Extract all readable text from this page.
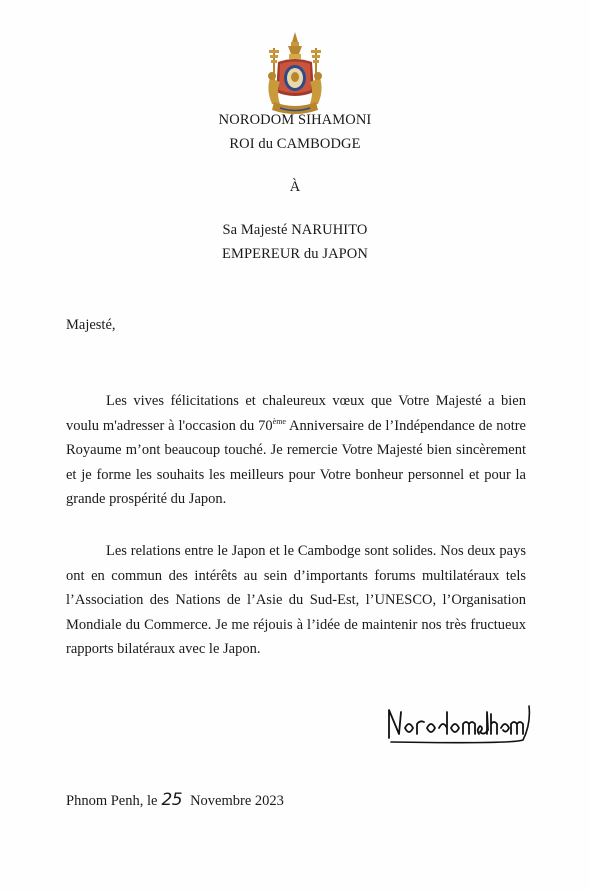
NORODOM SIHAMONI
ROI du CAMBODGE
À
Sa Majesté NARUHITO
EMPEREUR du JAPON
Majesté,
Les vives félicitations et chaleureux vœux que Votre Majesté a bien voulu m'adresser à l'occasion du 70ème Anniversaire de l’Indépendance de notre Royaume m’ont beaucoup touché. Je remercie Votre Majesté bien sincèrement et je forme les souhaits les meilleurs pour Votre bonheur personnel et pour la grande prospérité du Japon.
Les relations entre le Japon et le Cambodge sont solides. Nos deux pays ont en commun des intérêts au sein d’importants forums multilatéraux tels l’Association des Nations de l’Asie du Sud-Est, l’UNESCO, l’Organisation Mondiale du Commerce. Je me réjouis à l’idée de maintenir nos très fructueux rapports bilatéraux avec le Japon.
Phnom Penh, le 25 Novembre 2023
